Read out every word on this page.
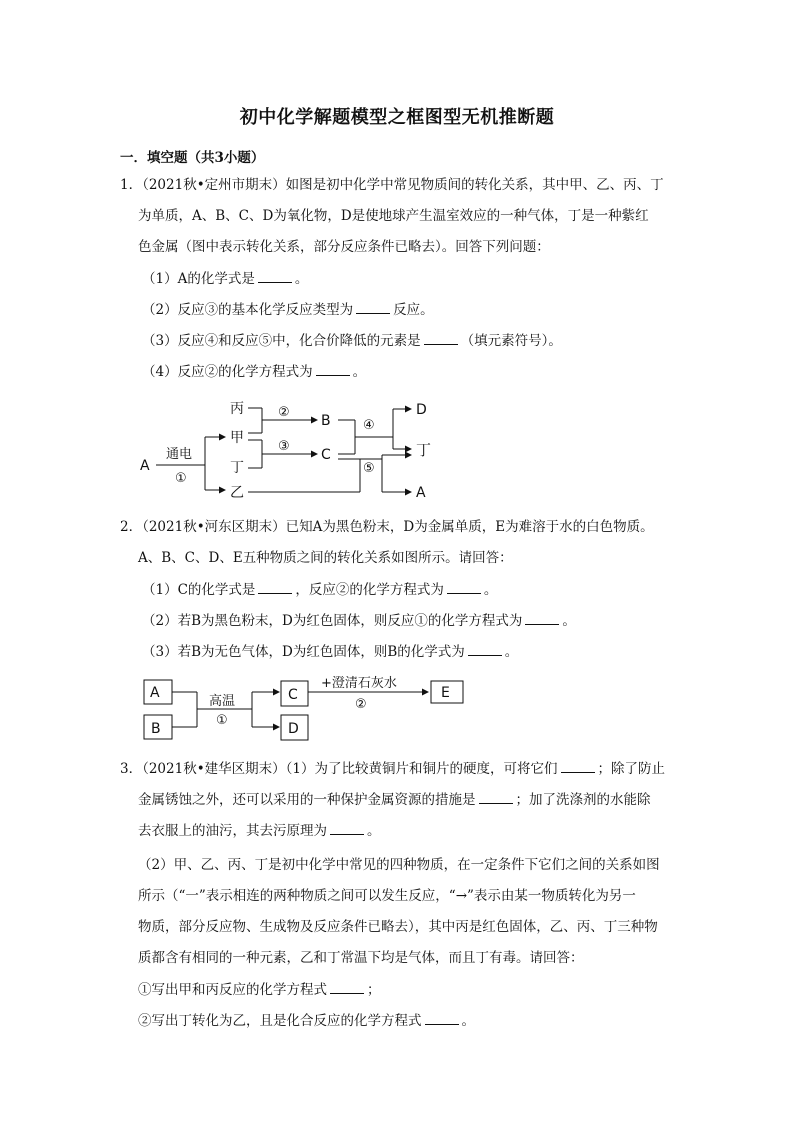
初中化学解题模型之框图型无机推断题
一．填空题（共3小题）
1．（2021秋•定州市期末）如图是初中化学中常见物质间的转化关系，其中甲、乙、丙、丁
为单质，A、B、C、D为氧化物，D是使地球产生温室效应的一种气体，丁是一种紫红
色金属（图中表示转化关系，部分反应条件已略去）。回答下列问题：
（1）A的化学式是	。
（2）反应③的基本化学反应类型为	反应。
（3）反应④和反应⑤中，化合价降低的元素是	（填元素符号）。
（4）反应②的化学方程式为	。
A
通电
①
丙
甲
丁
乙
②
③
B
C
④
⑤
D
丁
A
2．（2021秋•河东区期末）已知A为黑色粉末，D为金属单质，E为难溶于水的白色物质。
A、B、C、D、E五种物质之间的转化关系如图所示。请回答：
（1）C的化学式是	，反应②的化学方程式为	。
（2）若B为黑色粉末，D为红色固体，则反应①的化学方程式为	。
（3）若B为无色气体，D为红色固体，则B的化学式为	。
A
B
C
D
E
高温
①
+澄清石灰水
②
3．（2021秋•建华区期末）（1）为了比较黄铜片和铜片的硬度，可将它们	；除了防止
金属锈蚀之外，还可以采用的一种保护金属资源的措施是	；加了洗涤剂的水能除
去衣服上的油污，其去污原理为	。
（2）甲、乙、丙、丁是初中化学中常见的四种物质，在一定条件下它们之间的关系如图
所示（“一”表示相连的两种物质之间可以发生反应，“→”表示由某一物质转化为另一
物质，部分反应物、生成物及反应条件已略去），其中丙是红色固体，乙、丙、丁三种物
质都含有相同的一种元素，乙和丁常温下均是气体，而且丁有毒。请回答：
①写出甲和丙反应的化学方程式	；
②写出丁转化为乙，且是化合反应的化学方程式	。
